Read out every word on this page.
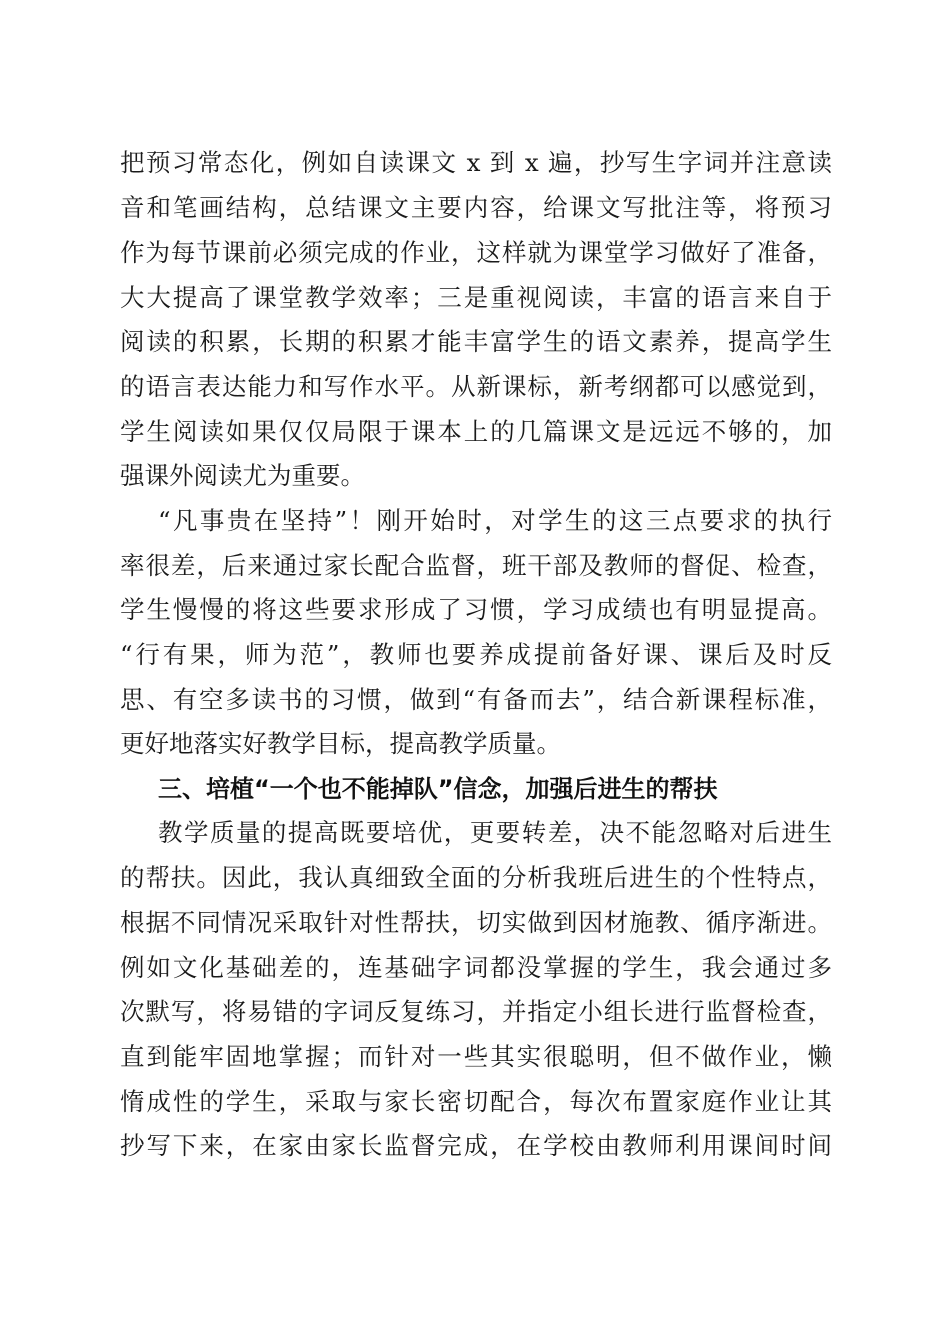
把预习常态化，例如自读课文 x 到 x 遍，抄写生字词并注意读
音和笔画结构，总结课文主要内容，给课文写批注等，将预习
作为每节课前必须完成的作业，这样就为课堂学习做好了准备，
大大提高了课堂教学效率；三是重视阅读，丰富的语言来自于
阅读的积累，长期的积累才能丰富学生的语文素养，提高学生
的语言表达能力和写作水平。从新课标，新考纲都可以感觉到，
学生阅读如果仅仅局限于课本上的几篇课文是远远不够的，加
强课外阅读尤为重要。
“凡事贵在坚持”！刚开始时，对学生的这三点要求的执行
率很差，后来通过家长配合监督，班干部及教师的督促、检查，
学生慢慢的将这些要求形成了习惯，学习成绩也有明显提高。
“行有果，师为范”，教师也要养成提前备好课、课后及时反
思、有空多读书的习惯，做到“有备而去”，结合新课程标准，
更好地落实好教学目标，提高教学质量。
三、培植“一个也不能掉队”信念，加强后进生的帮扶
教学质量的提高既要培优，更要转差，决不能忽略对后进生
的帮扶。因此，我认真细致全面的分析我班后进生的个性特点，
根据不同情况采取针对性帮扶，切实做到因材施教、循序渐进。
例如文化基础差的，连基础字词都没掌握的学生，我会通过多
次默写，将易错的字词反复练习，并指定小组长进行监督检查，
直到能牢固地掌握；而针对一些其实很聪明，但不做作业，懒
惰成性的学生，采取与家长密切配合，每次布置家庭作业让其
抄写下来，在家由家长监督完成，在学校由教师利用课间时间
